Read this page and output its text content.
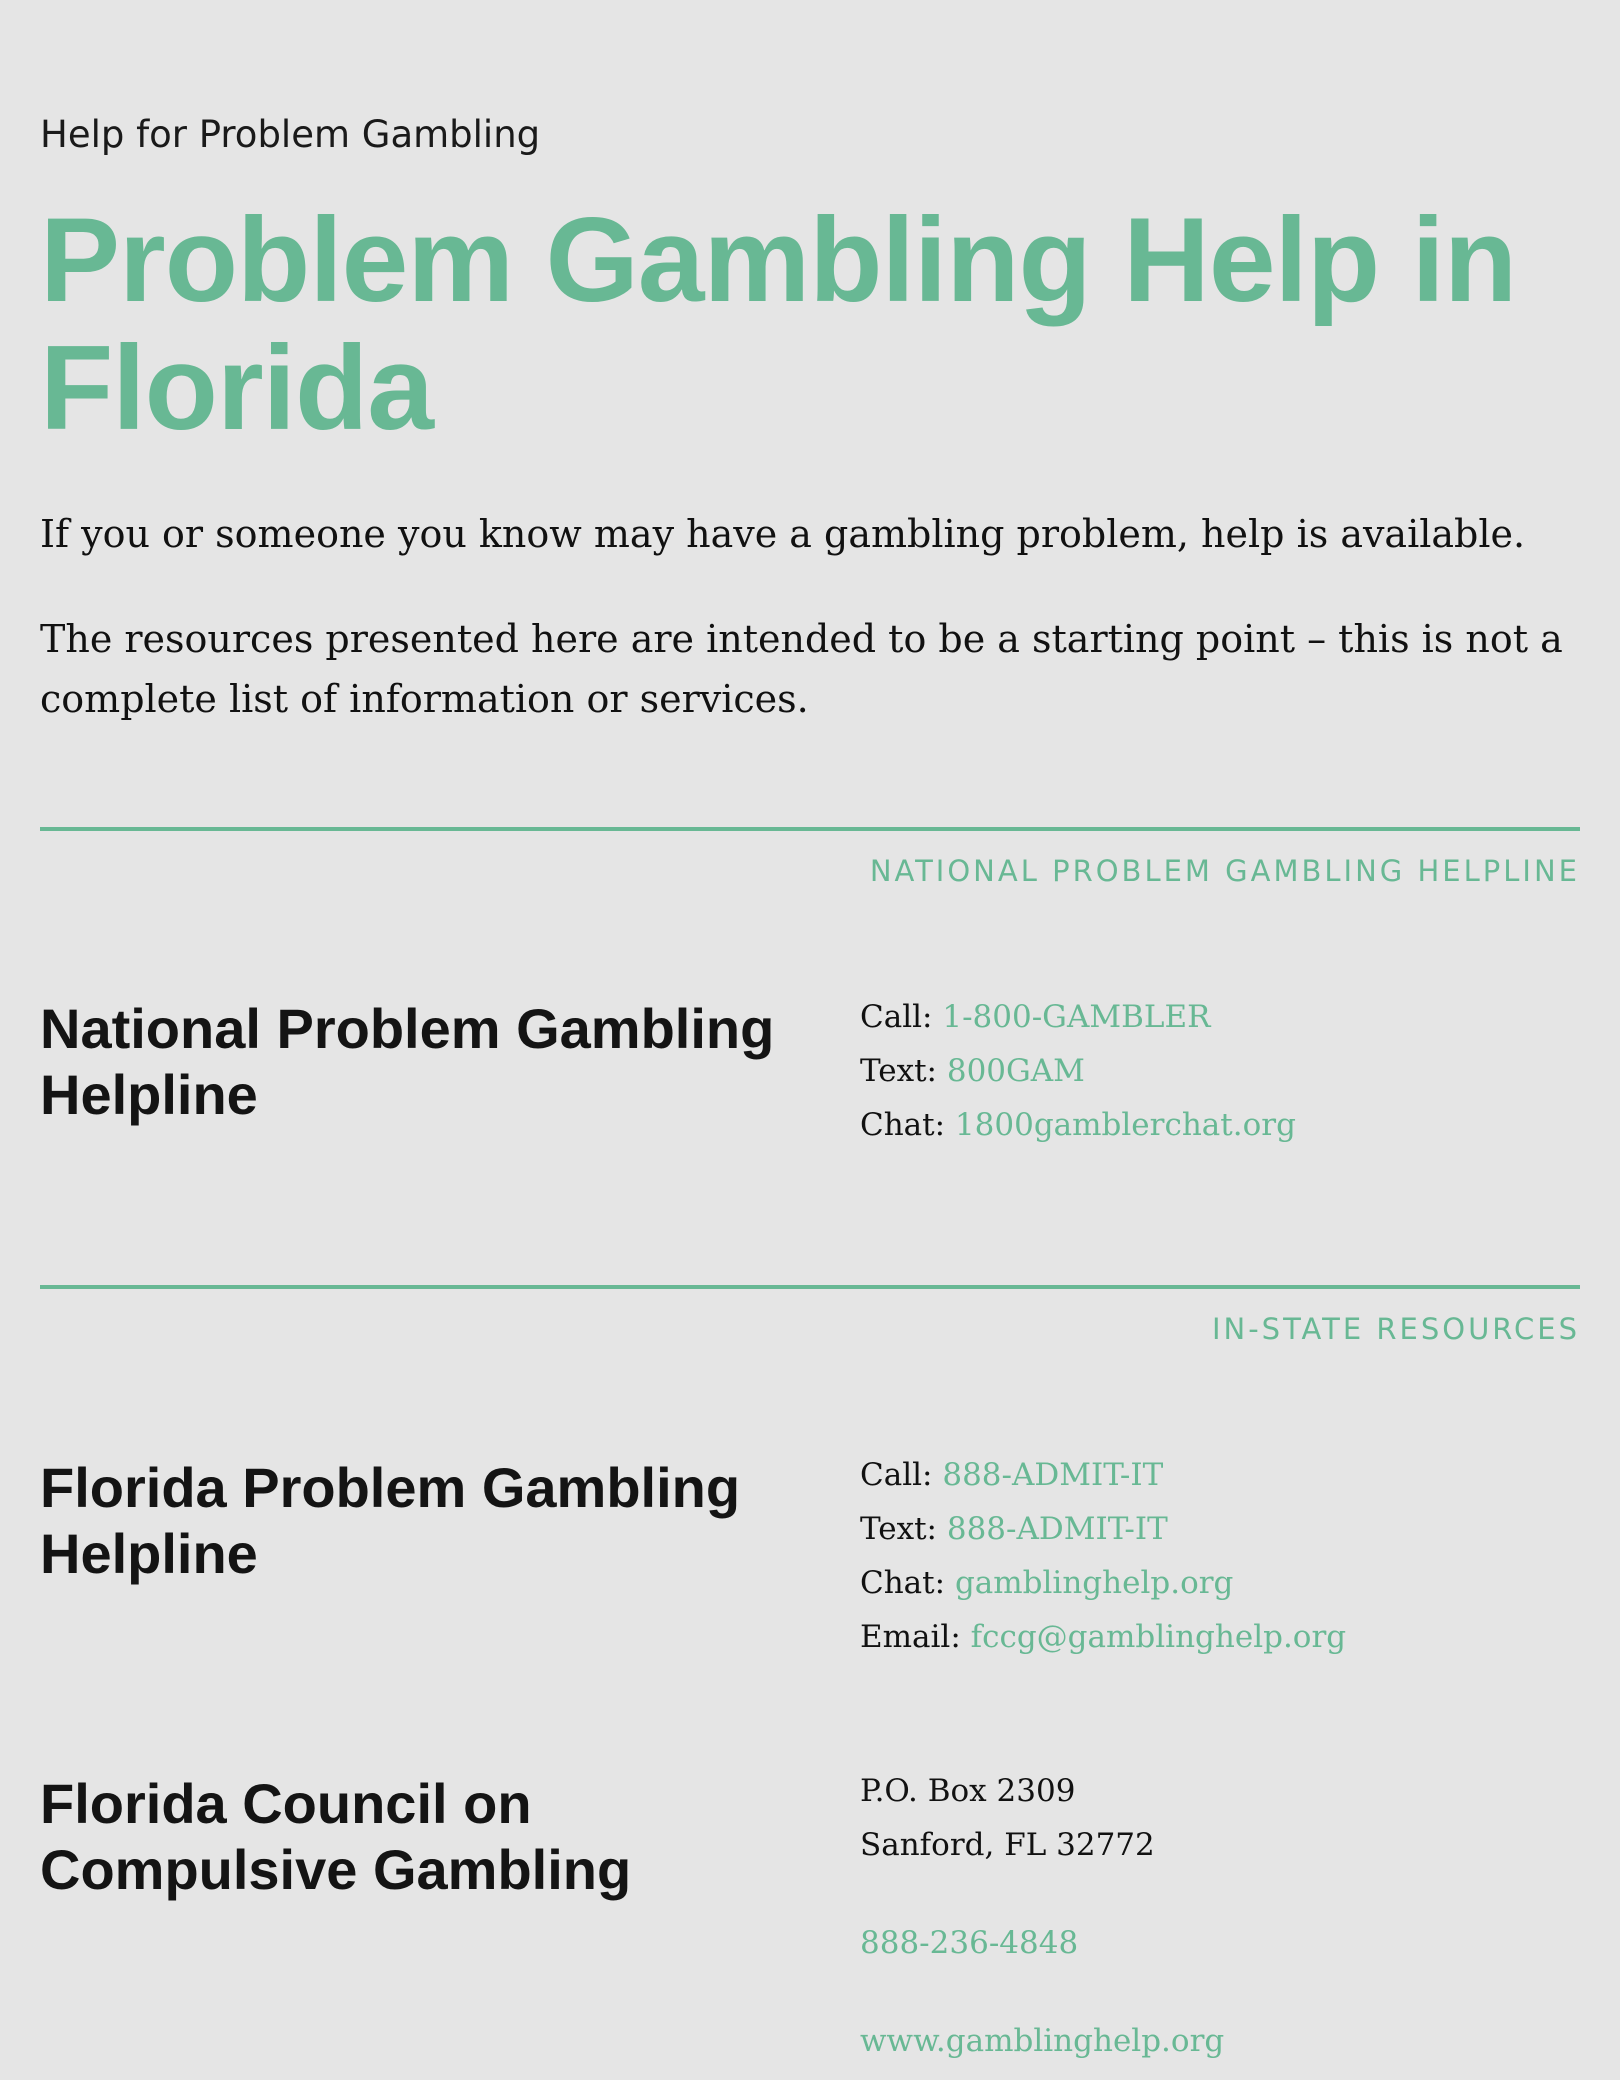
Help for Problem Gambling
Problem Gambling Help in Florida

If you or someone you know may have a gambling problem, help is available.

The resources presented here are intended to be a starting point – this is not a complete list of information or services.

NATIONAL PROBLEM GAMBLING HELPLINE
National Problem Gambling Helpline
Call: 1-800-GAMBLER
Text: 800GAM
Chat: 1800gamblerchat.org
IN-STATE RESOURCES
Florida Problem Gambling Helpline
Call: 888-ADMIT-IT
Text: 888-ADMIT-IT
Chat: gamblinghelp.org
Email: fccg@gamblinghelp.org
Florida Council on Compulsive Gambling
P.O. Box 2309
Sanford, FL 32772
888-236-4848
www.gamblinghelp.org
